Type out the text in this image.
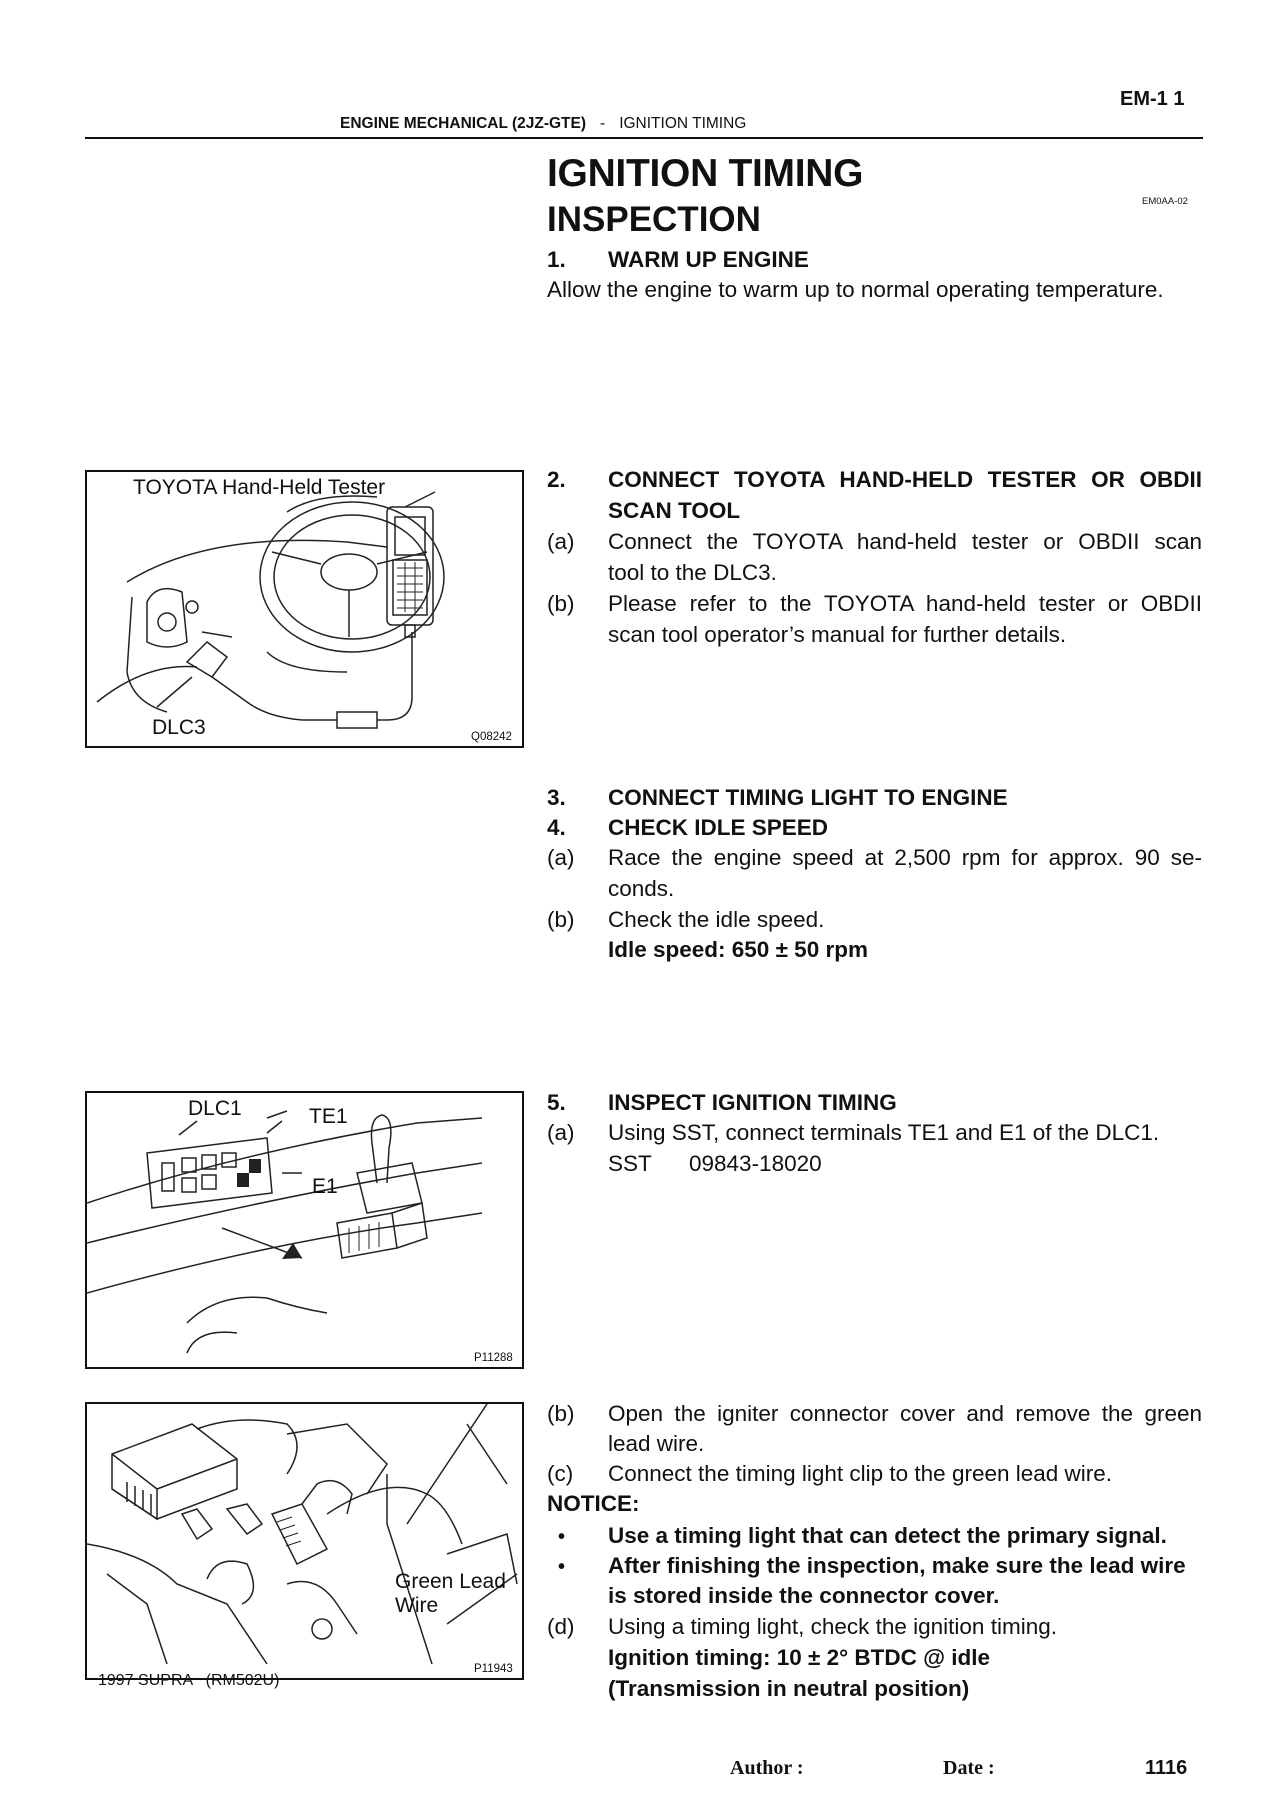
EM-1 1
ENGINE MECHANICAL (2JZ-GTE) - IGNITION TIMING
IGNITION TIMING
INSPECTION	EM0AA-02
1. WARM UP ENGINE
Allow the engine to warm up to normal operating temperature.
TOYOTA Hand-Held Tester
DLC3	Q08242
2. CONNECT TOYOTA HAND-HELD TESTER OR OBDII
SCAN TOOL
(a) Connect the TOYOTA hand-held tester or OBDII scan
tool to the DLC3.
(b) Please refer to the TOYOTA hand-held tester or OBDII
scan tool operator’s manual for further details.
3. CONNECT TIMING LIGHT TO ENGINE
4. CHECK IDLE SPEED
(a) Race the engine speed at 2,500 rpm for approx. 90 se-
conds.
(b) Check the idle speed.
Idle speed: 650 ± 50 rpm
DLC1	TE1
E1
P11288
5. INSPECT IGNITION TIMING
(a) Using SST, connect terminals TE1 and E1 of the DLC1.
SST 09843-18020
Green Lead
Wire
P11943
(b) Open the igniter connector cover and remove the green
lead wire.
(c) Connect the timing light clip to the green lead wire.
NOTICE:
• Use a timing light that can detect the primary signal.
• After finishing the inspection, make sure the lead wire
is stored inside the connector cover.
(d) Using a timing light, check the ignition timing.
Ignition timing: 10 ± 2° BTDC @ idle
(Transmission in neutral position)
1997 SUPRA   (RM502U)
Author :	Date :	1116
